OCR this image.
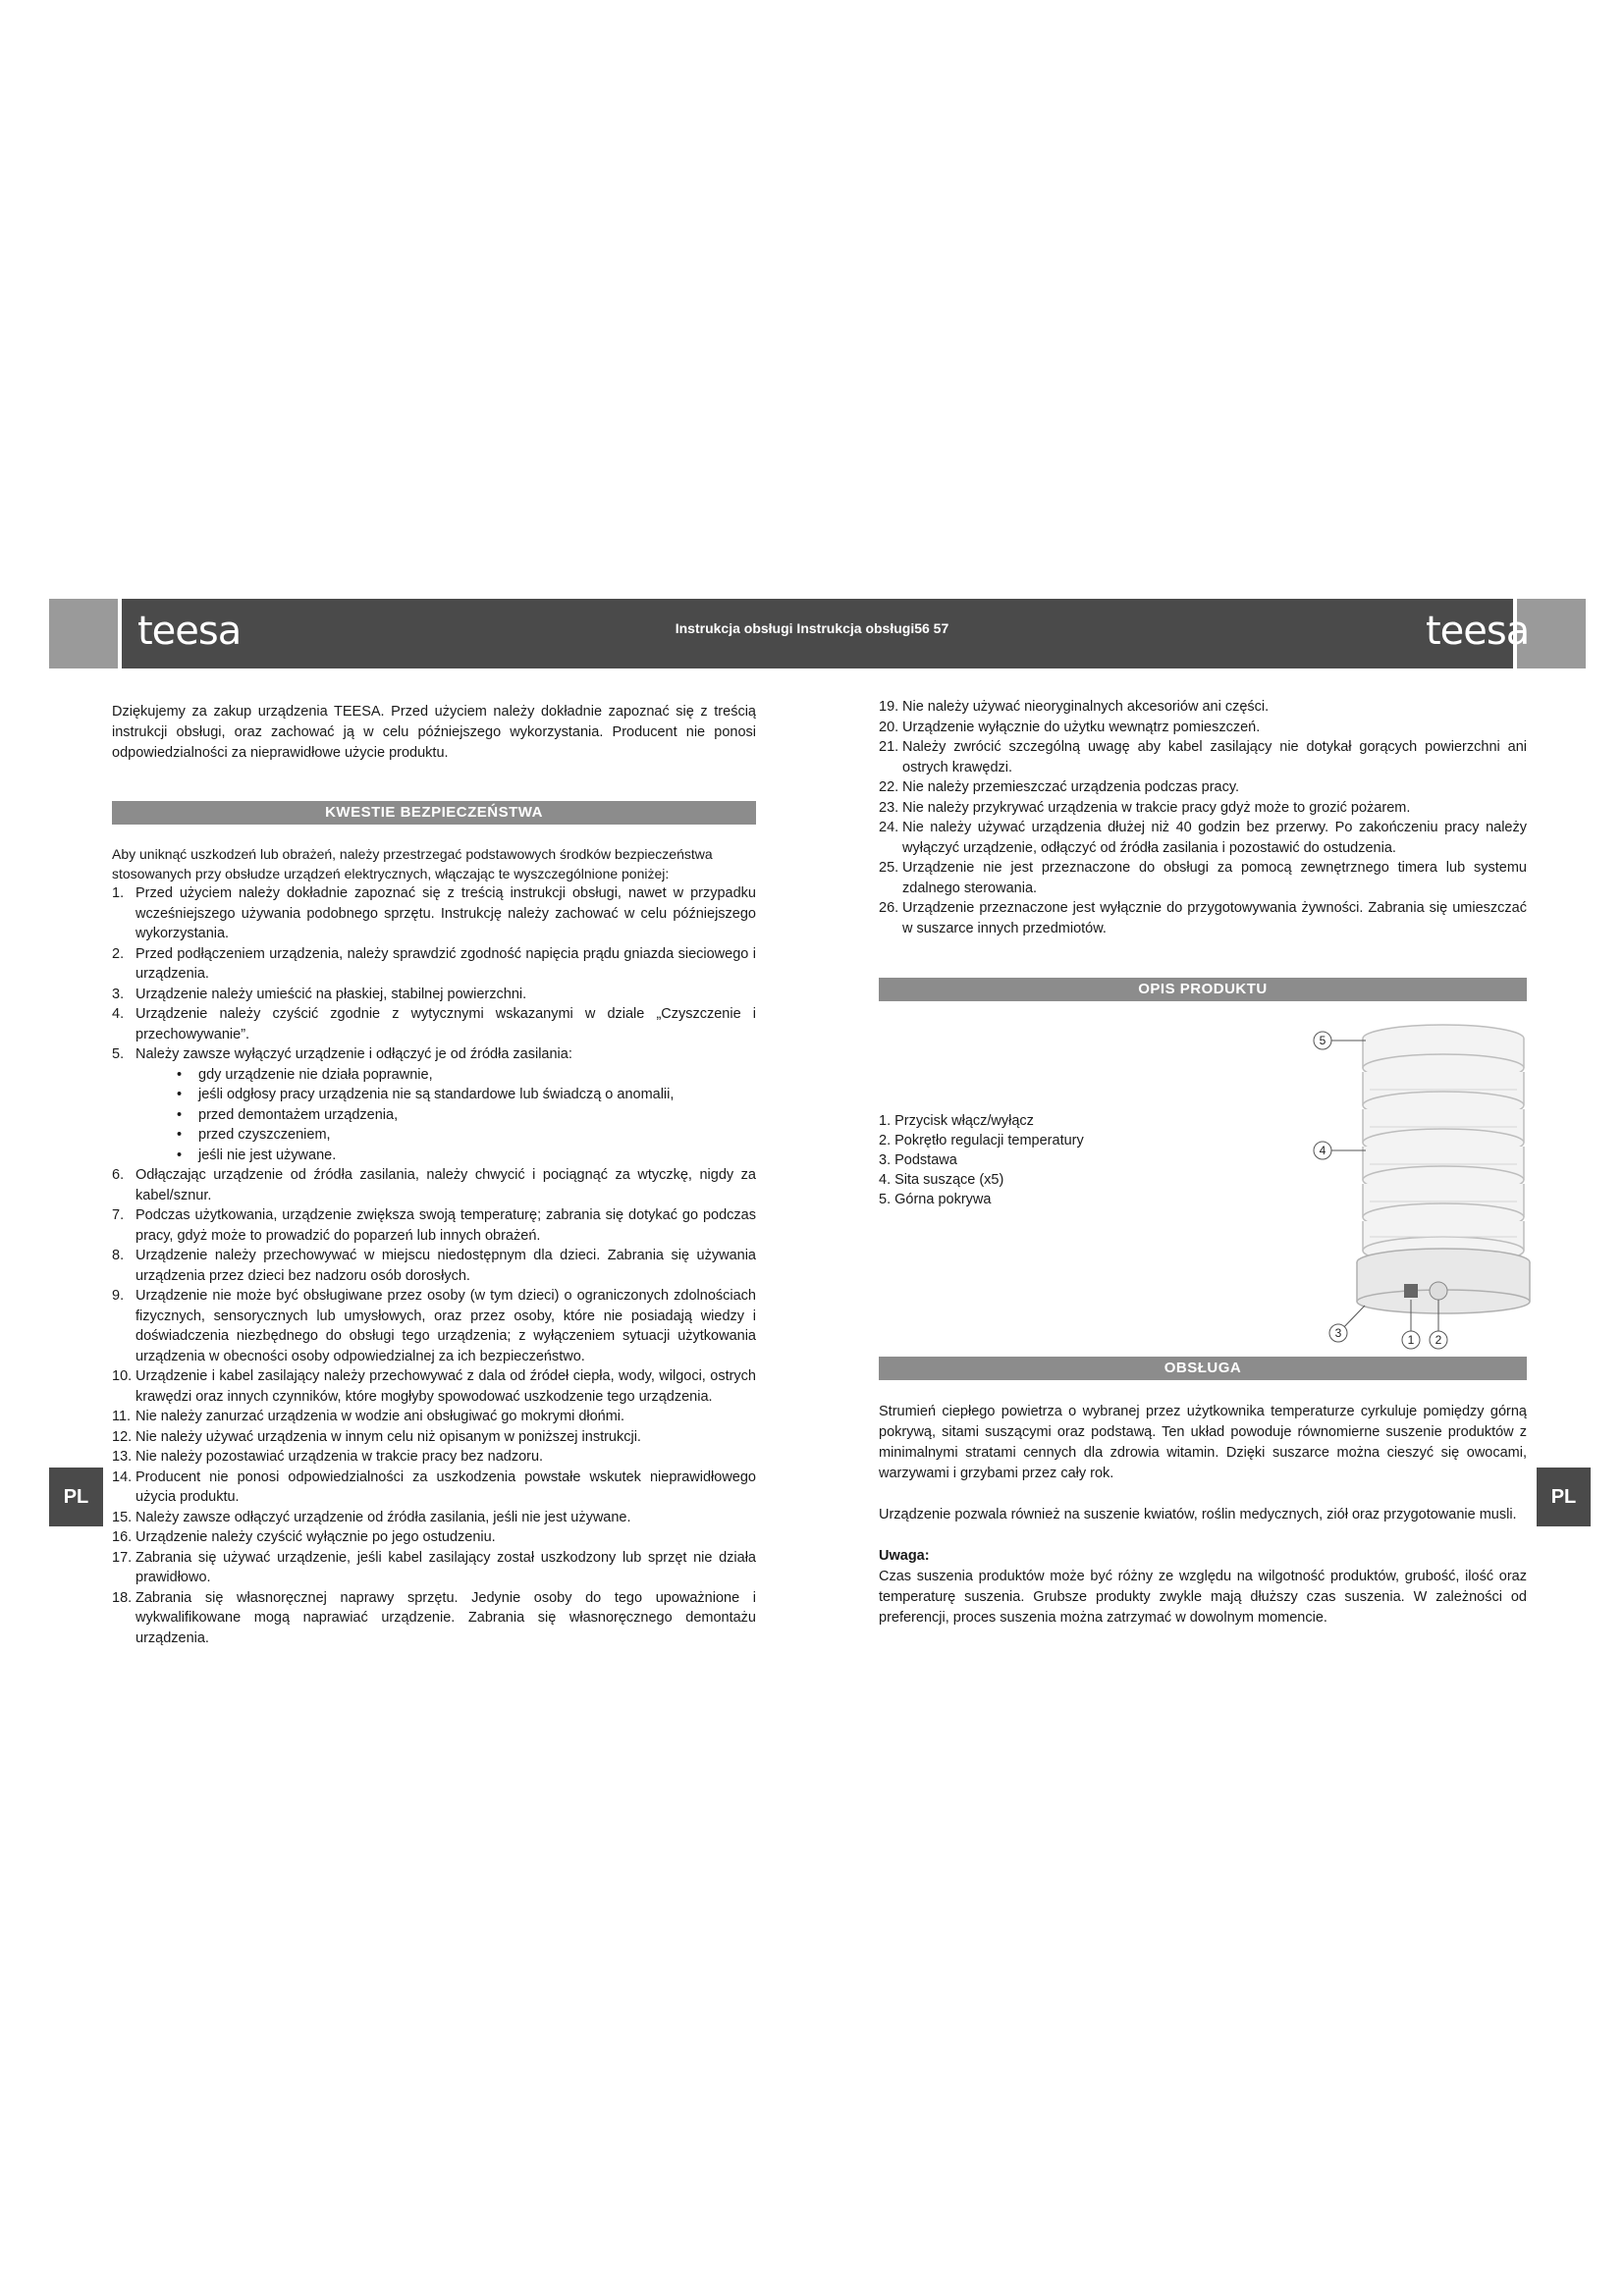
teesa	teesa
Instrukcja obsługi Instrukcja obsługi56 57
PL	PL

Dziękujemy za zakup urządzenia TEESA. Przed użyciem należy dokładnie zapoznać się z treścią instrukcji obsługi, oraz zachować ją w celu późniejszego wykorzystania. Producent nie ponosi odpowiedzialności za nieprawidłowe użycie produktu.

KWESTIE BEZPIECZEŃSTWA

Aby uniknąć uszkodzeń lub obrażeń, należy przestrzegać podstawowych środków bezpieczeństwa stosowanych przy obsłudze urządzeń elektrycznych, włączając te wyszczególnione poniżej:

1. Przed użyciem należy dokładnie zapoznać się z treścią instrukcji obsługi, nawet w przypadku wcześniejszego używania podobnego sprzętu. Instrukcję należy zachować w celu późniejszego wykorzystania.
2. Przed podłączeniem urządzenia, należy sprawdzić zgodność napięcia prądu gniazda sieciowego i urządzenia.
3. Urządzenie należy umieścić na płaskiej, stabilnej powierzchni.
4. Urządzenie należy czyścić zgodnie z wytycznymi wskazanymi w dziale „Czyszczenie i przechowywanie”.
5. Należy zawsze wyłączyć urządzenie i odłączyć je od źródła zasilania:
• gdy urządzenie nie działa poprawnie,
• jeśli odgłosy pracy urządzenia nie są standardowe lub świadczą o anomalii,
• przed demontażem urządzenia,
• przed czyszczeniem,
• jeśli nie jest używane.
6. Odłączając urządzenie od źródła zasilania, należy chwycić i pociągnąć za wtyczkę, nigdy za kabel/sznur.
7. Podczas użytkowania, urządzenie zwiększa swoją temperaturę; zabrania się dotykać go podczas pracy, gdyż może to prowadzić do poparzeń lub innych obrażeń.
8. Urządzenie należy przechowywać w miejscu niedostępnym dla dzieci. Zabrania się używania urządzenia przez dzieci bez nadzoru osób dorosłych.
9. Urządzenie nie może być obsługiwane przez osoby (w tym dzieci) o ograniczonych zdolnościach fizycznych, sensorycznych lub umysłowych, oraz przez osoby, które nie posiadają wiedzy i doświadczenia niezbędnego do obsługi tego urządzenia; z wyłączeniem sytuacji użytkowania urządzenia w obecności osoby odpowiedzialnej za ich bezpieczeństwo.
10. Urządzenie i kabel zasilający należy przechowywać z dala od źródeł ciepła, wody, wilgoci, ostrych krawędzi oraz innych czynników, które mogłyby spowodować uszkodzenie tego urządzenia.
11. Nie należy zanurzać urządzenia w wodzie ani obsługiwać go mokrymi dłońmi.
12. Nie należy używać urządzenia w innym celu niż opisanym w poniższej instrukcji.
13. Nie należy pozostawiać urządzenia w trakcie pracy bez nadzoru.
14. Producent nie ponosi odpowiedzialności za uszkodzenia powstałe wskutek nieprawidłowego użycia produktu.
15. Należy zawsze odłączyć urządzenie od źródła zasilania, jeśli nie jest używane.
16. Urządzenie należy czyścić wyłącznie po jego ostudzeniu.
17. Zabrania się używać urządzenie, jeśli kabel zasilający został uszkodzony lub sprzęt nie działa prawidłowo.
18. Zabrania się własnoręcznej naprawy sprzętu. Jedynie osoby do tego upoważnione i wykwalifikowane mogą naprawiać urządzenie. Zabrania się własnoręcznego demontażu urządzenia.
19. Nie należy używać nieoryginalnych akcesoriów ani części.
20. Urządzenie wyłącznie do użytku wewnątrz pomieszczeń.
21. Należy zwrócić szczególną uwagę aby kabel zasilający nie dotykał gorących powierzchni ani ostrych krawędzi.
22. Nie należy przemieszczać urządzenia podczas pracy.
23. Nie należy przykrywać urządzenia w trakcie pracy gdyż może to grozić pożarem.
24. Nie należy używać urządzenia dłużej niż 40 godzin bez przerwy. Po zakończeniu pracy należy wyłączyć urządzenie, odłączyć od źródła zasilania i pozostawić do ostudzenia.
25. Urządzenie nie jest przeznaczone do obsługi za pomocą zewnętrznego timera lub systemu zdalnego sterowania.
26. Urządzenie przeznaczone jest wyłącznie do przygotowywania żywności. Zabrania się umieszczać w suszarce innych przedmiotów.
OPIS PRODUKTU
1. Przycisk włącz/wyłącz
2. Pokrętło regulacji temperatury
3. Podstawa
4. Sita suszące (x5)
5. Górna pokrywa
OBSŁUGA

Strumień ciepłego powietrza o wybranej przez użytkownika temperaturze cyrkuluje pomiędzy górną pokrywą, sitami suszącymi oraz podstawą. Ten układ powoduje równomierne suszenie produktów z minimalnymi stratami cennych dla zdrowia witamin. Dzięki suszarce można cieszyć się owocami, warzywami i grzybami przez cały rok.

Urządzenie pozwala również na suszenie kwiatów, roślin medycznych, ziół oraz przygotowanie musli.

Uwaga:

Czas suszenia produktów może być różny ze względu na wilgotność produktów, grubość, ilość oraz temperaturę suszenia. Grubsze produkty zwykle mają dłuższy czas suszenia. W zależności od preferencji, proces suszenia można zatrzymać w dowolnym momencie.

5
4
3	1 2
